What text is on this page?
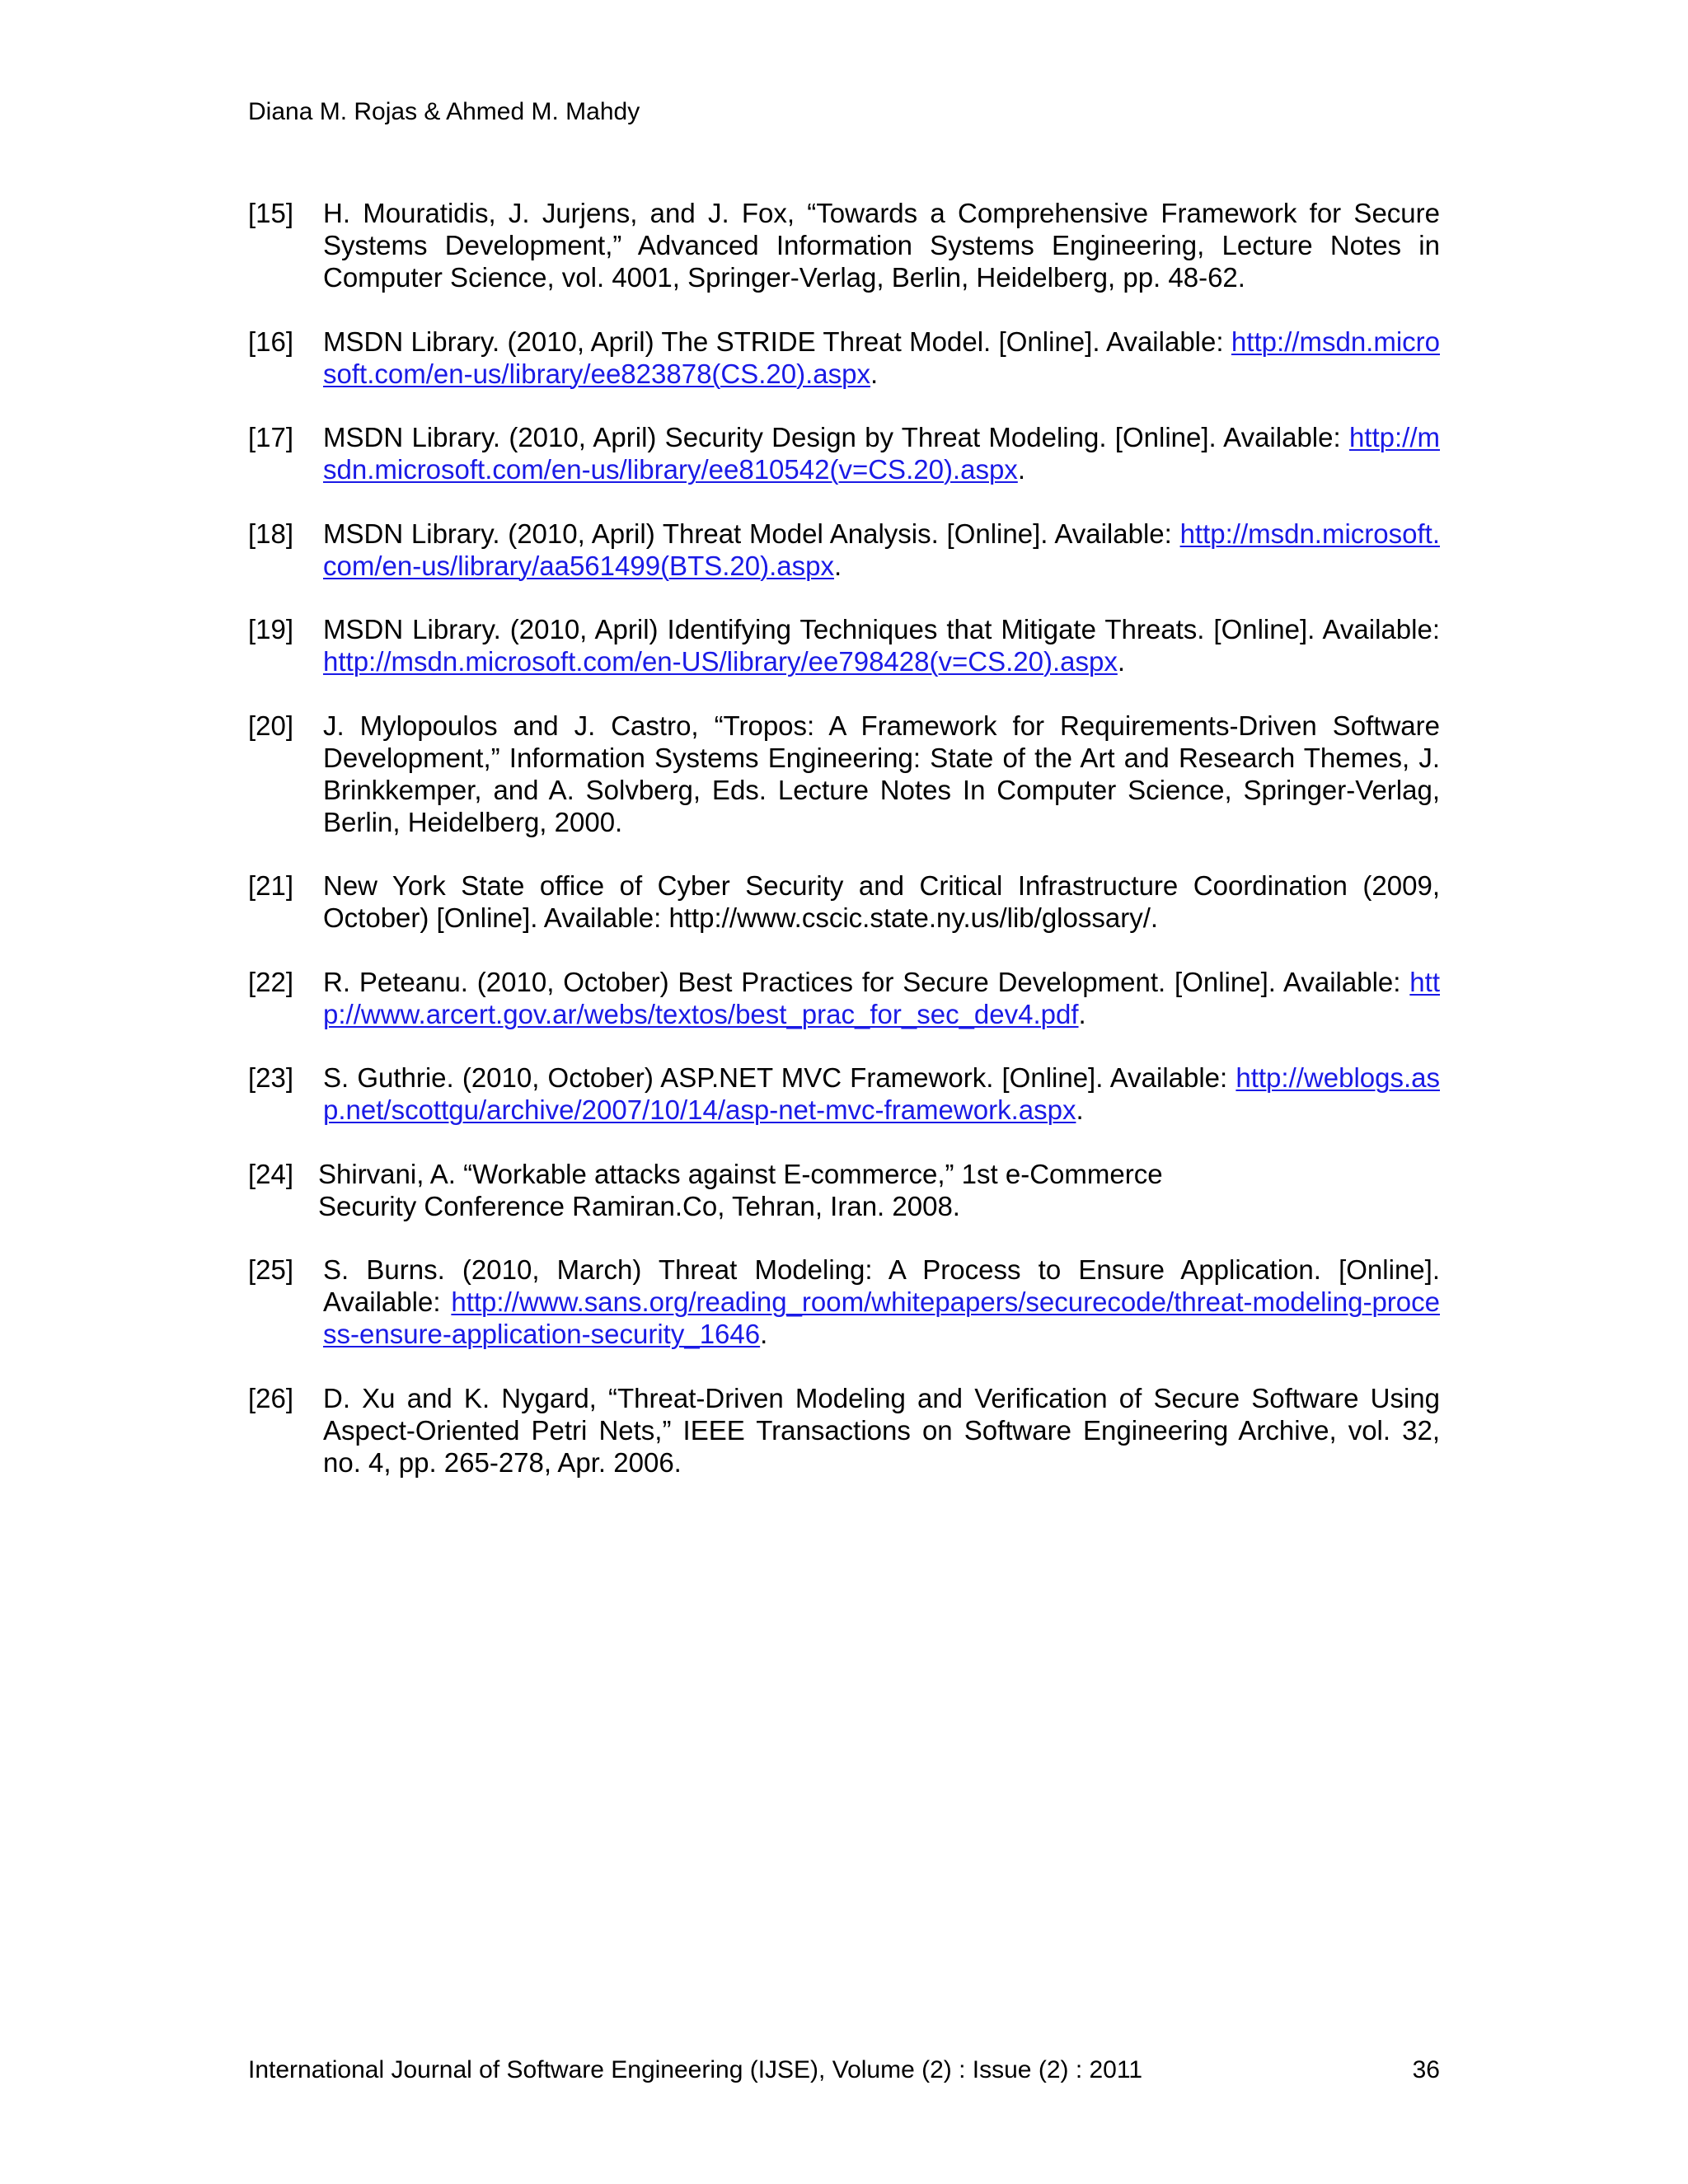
Diana M. Rojas & Ahmed M. Mahdy
[15] H. Mouratidis, J. Jurjens, and J. Fox, “Towards a Comprehensive Framework for Secure Systems Development,” Advanced Information Systems Engineering, Lecture Notes in Computer Science, vol. 4001, Springer-Verlag, Berlin, Heidelberg, pp. 48-62.
[16] MSDN Library. (2010, April) The STRIDE Threat Model. [Online]. Available: http://msdn.microsoft.com/en-us/library/ee823878(CS.20).aspx.
[17] MSDN Library. (2010, April) Security Design by Threat Modeling. [Online]. Available: http://msdn.microsoft.com/en-us/library/ee810542(v=CS.20).aspx.
[18] MSDN Library. (2010, April) Threat Model Analysis. [Online]. Available: http://msdn.microsoft.com/en-us/library/aa561499(BTS.20).aspx.
[19] MSDN Library. (2010, April) Identifying Techniques that Mitigate Threats. [Online]. Available: http://msdn.microsoft.com/en-US/library/ee798428(v=CS.20).aspx.
[20] J. Mylopoulos and J. Castro, “Tropos: A Framework for Requirements-Driven Software Development,” Information Systems Engineering: State of the Art and Research Themes, J. Brinkkemper, and A. Solvberg, Eds. Lecture Notes In Computer Science, Springer-Verlag, Berlin, Heidelberg, 2000.
[21] New York State office of Cyber Security and Critical Infrastructure Coordination (2009, October) [Online]. Available: http://www.cscic.state.ny.us/lib/glossary/.
[22] R. Peteanu. (2010, October) Best Practices for Secure Development. [Online]. Available: http://www.arcert.gov.ar/webs/textos/best_prac_for_sec_dev4.pdf.
[23] S. Guthrie. (2010, October) ASP.NET MVC Framework. [Online]. Available: http://weblogs.asp.net/scottgu/archive/2007/10/14/asp-net-mvc-framework.aspx.
[24] Shirvani, A. “Workable attacks against E-commerce,” 1st e-Commerce Security Conference Ramiran.Co, Tehran, Iran. 2008.
[25] S. Burns. (2010, March) Threat Modeling: A Process to Ensure Application. [Online]. Available: http://www.sans.org/reading_room/whitepapers/securecode/threat-modeling-process-ensure-application-security_1646.
[26] D. Xu and K. Nygard, “Threat-Driven Modeling and Verification of Secure Software Using Aspect-Oriented Petri Nets,” IEEE Transactions on Software Engineering Archive, vol. 32, no. 4, pp. 265-278, Apr. 2006.
International Journal of Software Engineering (IJSE), Volume (2) : Issue (2) : 2011	36
